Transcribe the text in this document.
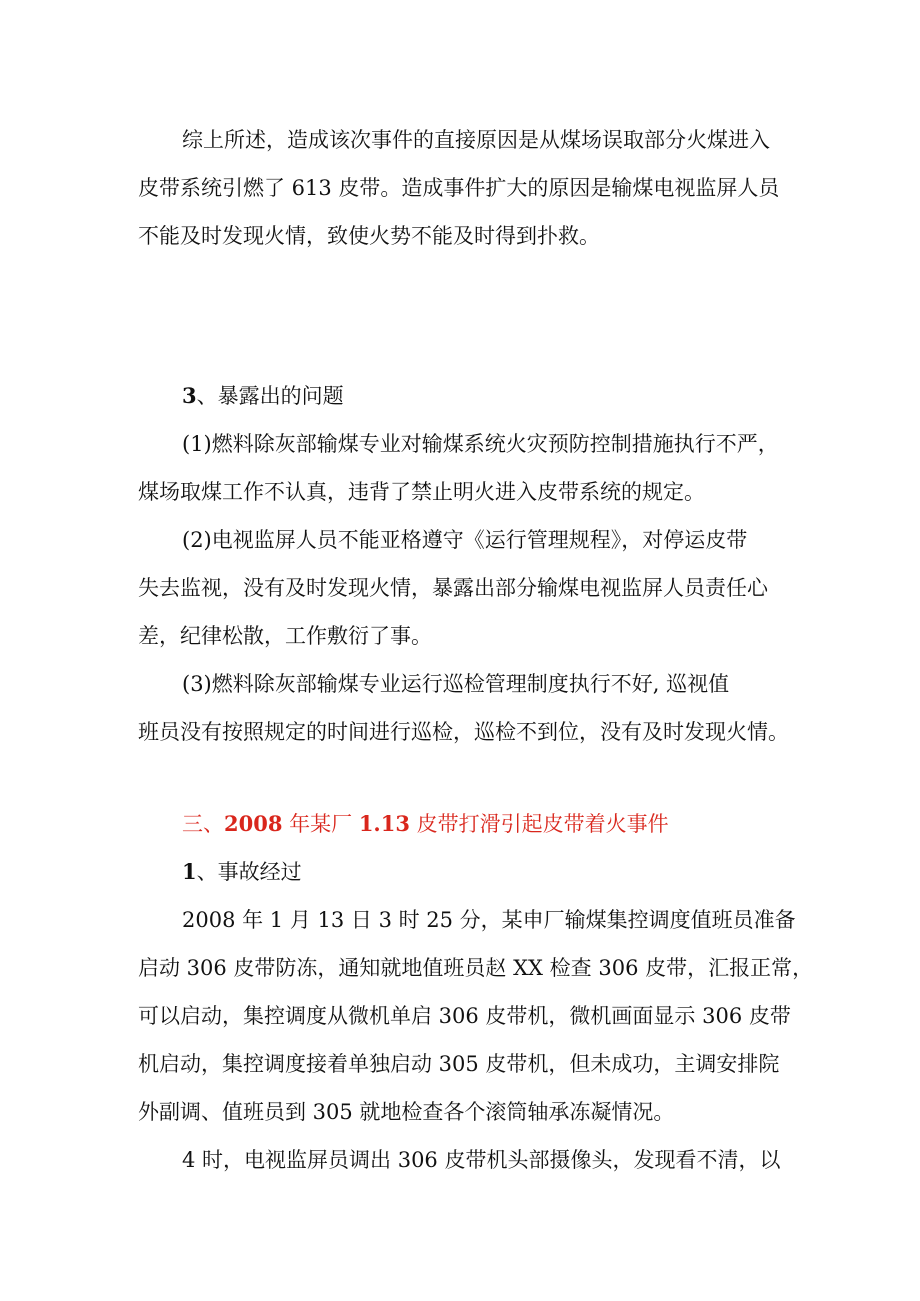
综上所述，造成该次事件的直接原因是从煤场误取部分火煤进入
皮带系统引燃了 613 皮带。造成事件扩大的原因是输煤电视监屏人员
不能及时发现火情，致使火势不能及时得到扑救。

3、暴露出的问题

(1)燃料除灰部输煤专业对输煤系统火灾预防控制措施执行不严，
煤场取煤工作不认真，违背了禁止明火进入皮带系统的规定。

(2)电视监屏人员不能亚格遵守《运行管理规程》，对停运皮带
失去监视，没有及时发现火情，暴露出部分输煤电视监屏人员责任心
差，纪律松散，工作敷衍了事。

(3)燃料除灰部输煤专业运行巡检管理制度执行不好, 巡视值
班员没有按照规定的时间进行巡检，巡检不到位，没有及时发现火情。

三、2008 年某厂 1.13 皮带打滑引起皮带着火事件

1、事故经过

2008 年 1 月 13 日 3 时 25 分，某申厂输煤集控调度值班员准备
启动 306 皮带防冻，通知就地值班员赵 XX 检查 306 皮带，汇报正常，
可以启动，集控调度从微机单启 306 皮带机，微机画面显示 306 皮带
机启动，集控调度接着单独启动 305 皮带机，但未成功，主调安排院
外副调、值班员到 305 就地检查各个滚筒轴承冻凝情况。

4 时，电视监屏员调出 306 皮带机头部摄像头，发现看不清，以
